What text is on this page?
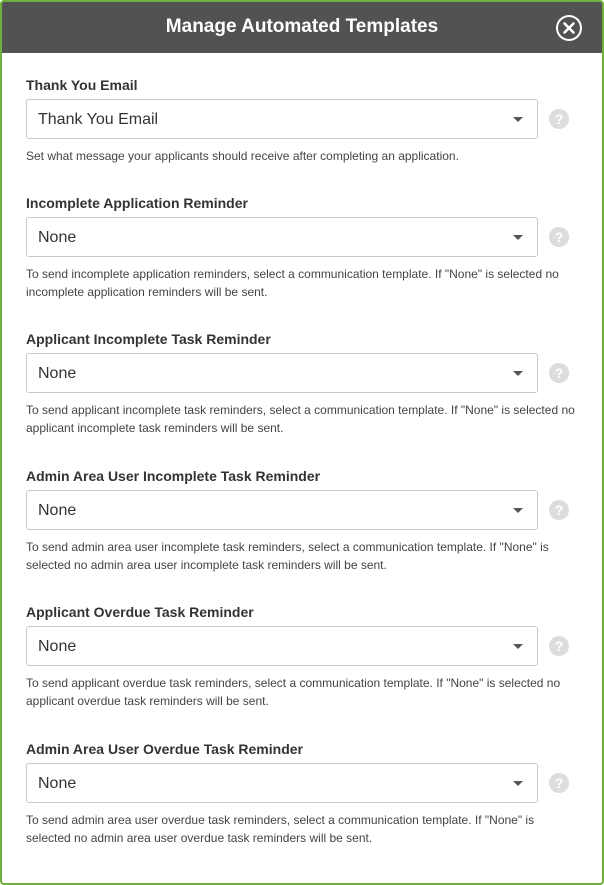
Manage Automated Templates
Thank You Email
Thank You Email	?
Set what message your applicants should receive after completing an application.
Incomplete Application Reminder
None	?
To send incomplete application reminders, select a communication template. If "None" is selected no incomplete application reminders will be sent.
Applicant Incomplete Task Reminder
None	?
To send applicant incomplete task reminders, select a communication template. If "None" is selected no applicant incomplete task reminders will be sent.
Admin Area User Incomplete Task Reminder
None	?
To send admin area user incomplete task reminders, select a communication template. If "None" is selected no admin area user incomplete task reminders will be sent.
Applicant Overdue Task Reminder
None	?
To send applicant overdue task reminders, select a communication template. If "None" is selected no applicant overdue task reminders will be sent.
Admin Area User Overdue Task Reminder
None	?
To send admin area user overdue task reminders, select a communication template. If "None" is selected no admin area user overdue task reminders will be sent.
